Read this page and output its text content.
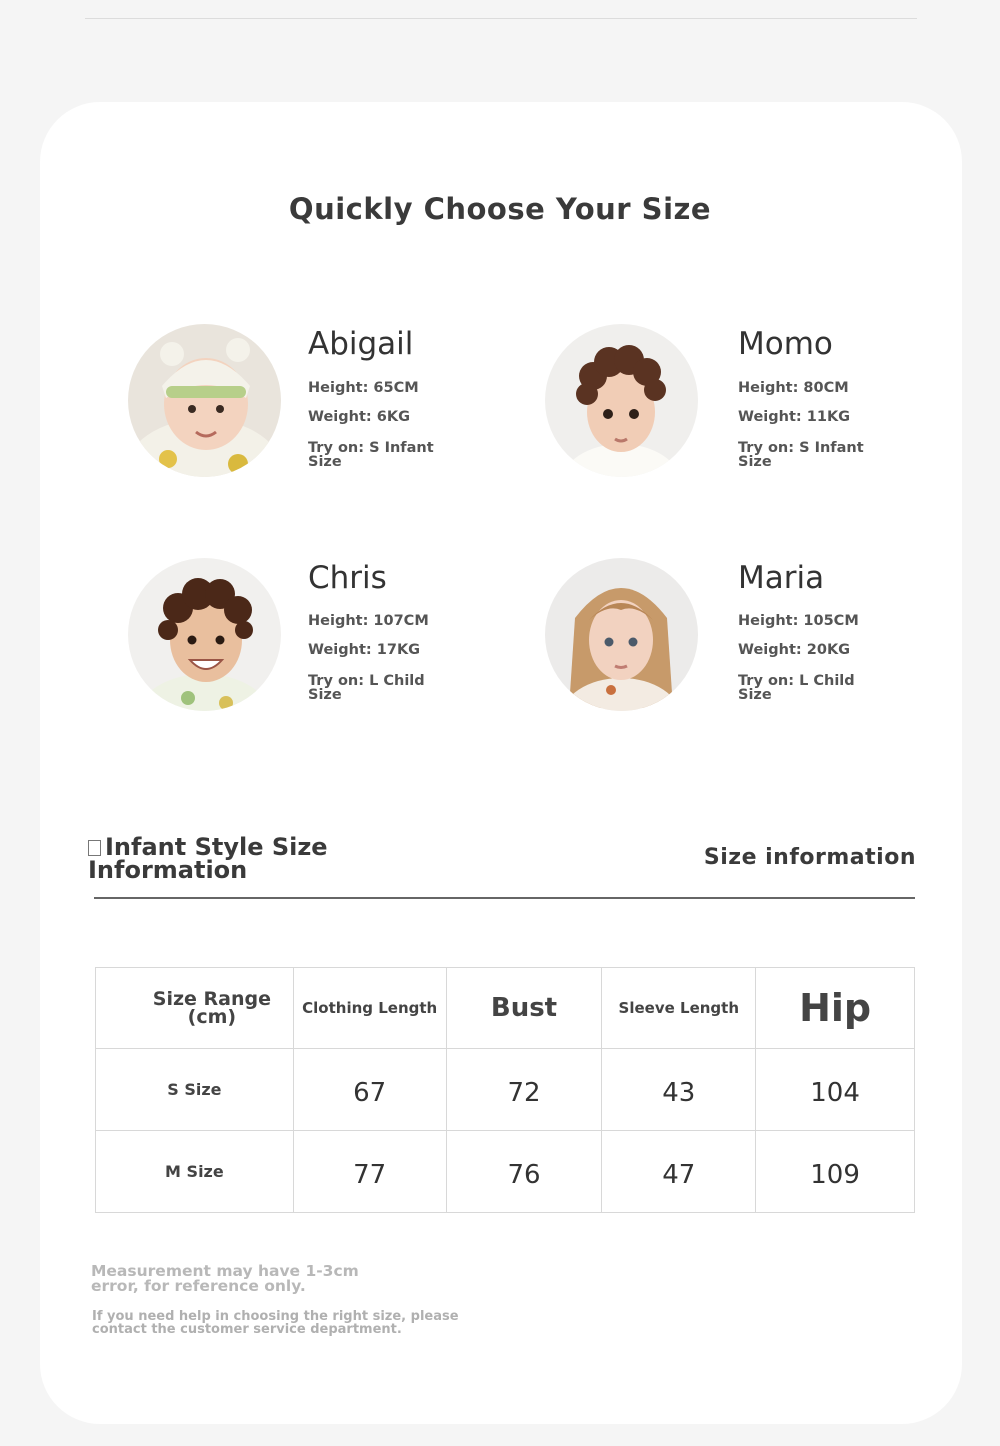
Quickly Choose Your Size
Abigail
Height: 65CM
Weight: 6KG
Try on: S Infant Size
Momo
Height: 80CM
Weight: 11KG
Try on: S Infant Size
Chris
Height: 107CM
Weight: 17KG
Try on: L Child Size
Maria
Height: 105CM
Weight: 20KG
Try on: L Child Size
Infant Style Size Information	Size information
Size Range (cm)	Clothing Length	Bust	Sleeve Length	Hip
S Size	67	72	43	104
M Size	77	76	47	109
Measurement may have 1-3cm error, for reference only.
If you need help in choosing the right size, please contact the customer service department.
